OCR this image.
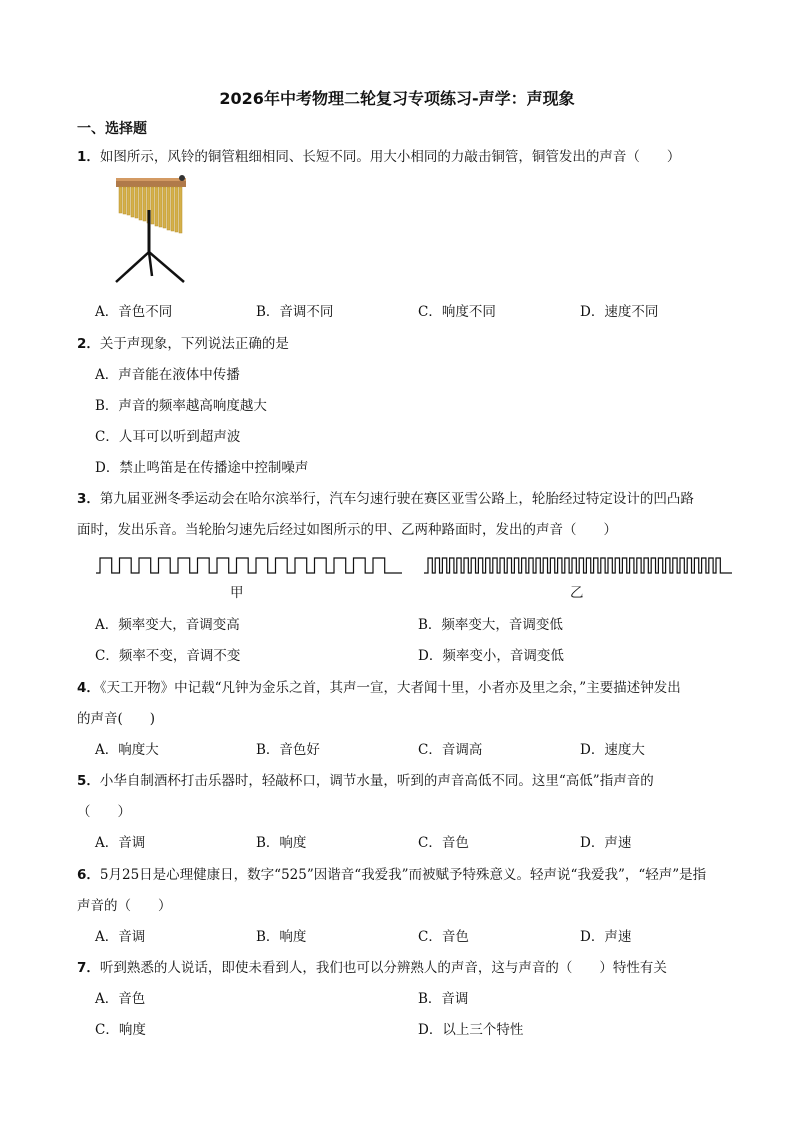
2026年中考物理二轮复习专项练习-声学：声现象
一、选择题
1．如图所示，风铃的铜管粗细相同、长短不同。用大小相同的力敲击铜管，铜管发出的声音（　　）
A．音色不同	B．音调不同	C．响度不同	D．速度不同
2．关于声现象，下列说法正确的是
A．声音能在液体中传播
B．声音的频率越高响度越大
C．人耳可以听到超声波
D．禁止鸣笛是在传播途中控制噪声
3．第九届亚洲冬季运动会在哈尔滨举行，汽车匀速行驶在赛区亚雪公路上，轮胎经过特定设计的凹凸路
面时，发出乐音。当轮胎匀速先后经过如图所示的甲、乙两种路面时，发出的声音（　　）
甲	乙
A．频率变大，音调变高	B．频率变大，音调变低
C．频率不变，音调不变	D．频率变小，音调变低
4．《天工开物》中记载“凡钟为金乐之首，其声一宣，大者闻十里，小者亦及里之余，”主要描述钟发出
的声音(　　)
A．响度大	B．音色好	C．音调高	D．速度大
5．小华自制酒杯打击乐器时，轻敲杯口，调节水量，听到的声音高低不同。这里“高低”指声音的
（　　）
A．音调	B．响度	C．音色	D．声速
6．5月25日是心理健康日，数字“525”因谐音“我爱我”而被赋予特殊意义。轻声说“我爱我”，“轻声”是指
声音的（　　）
A．音调	B．响度	C．音色	D．声速
7．听到熟悉的人说话，即使未看到人，我们也可以分辨熟人的声音，这与声音的（　　）特性有关
A．音色	B．音调
C．响度	D．以上三个特性
